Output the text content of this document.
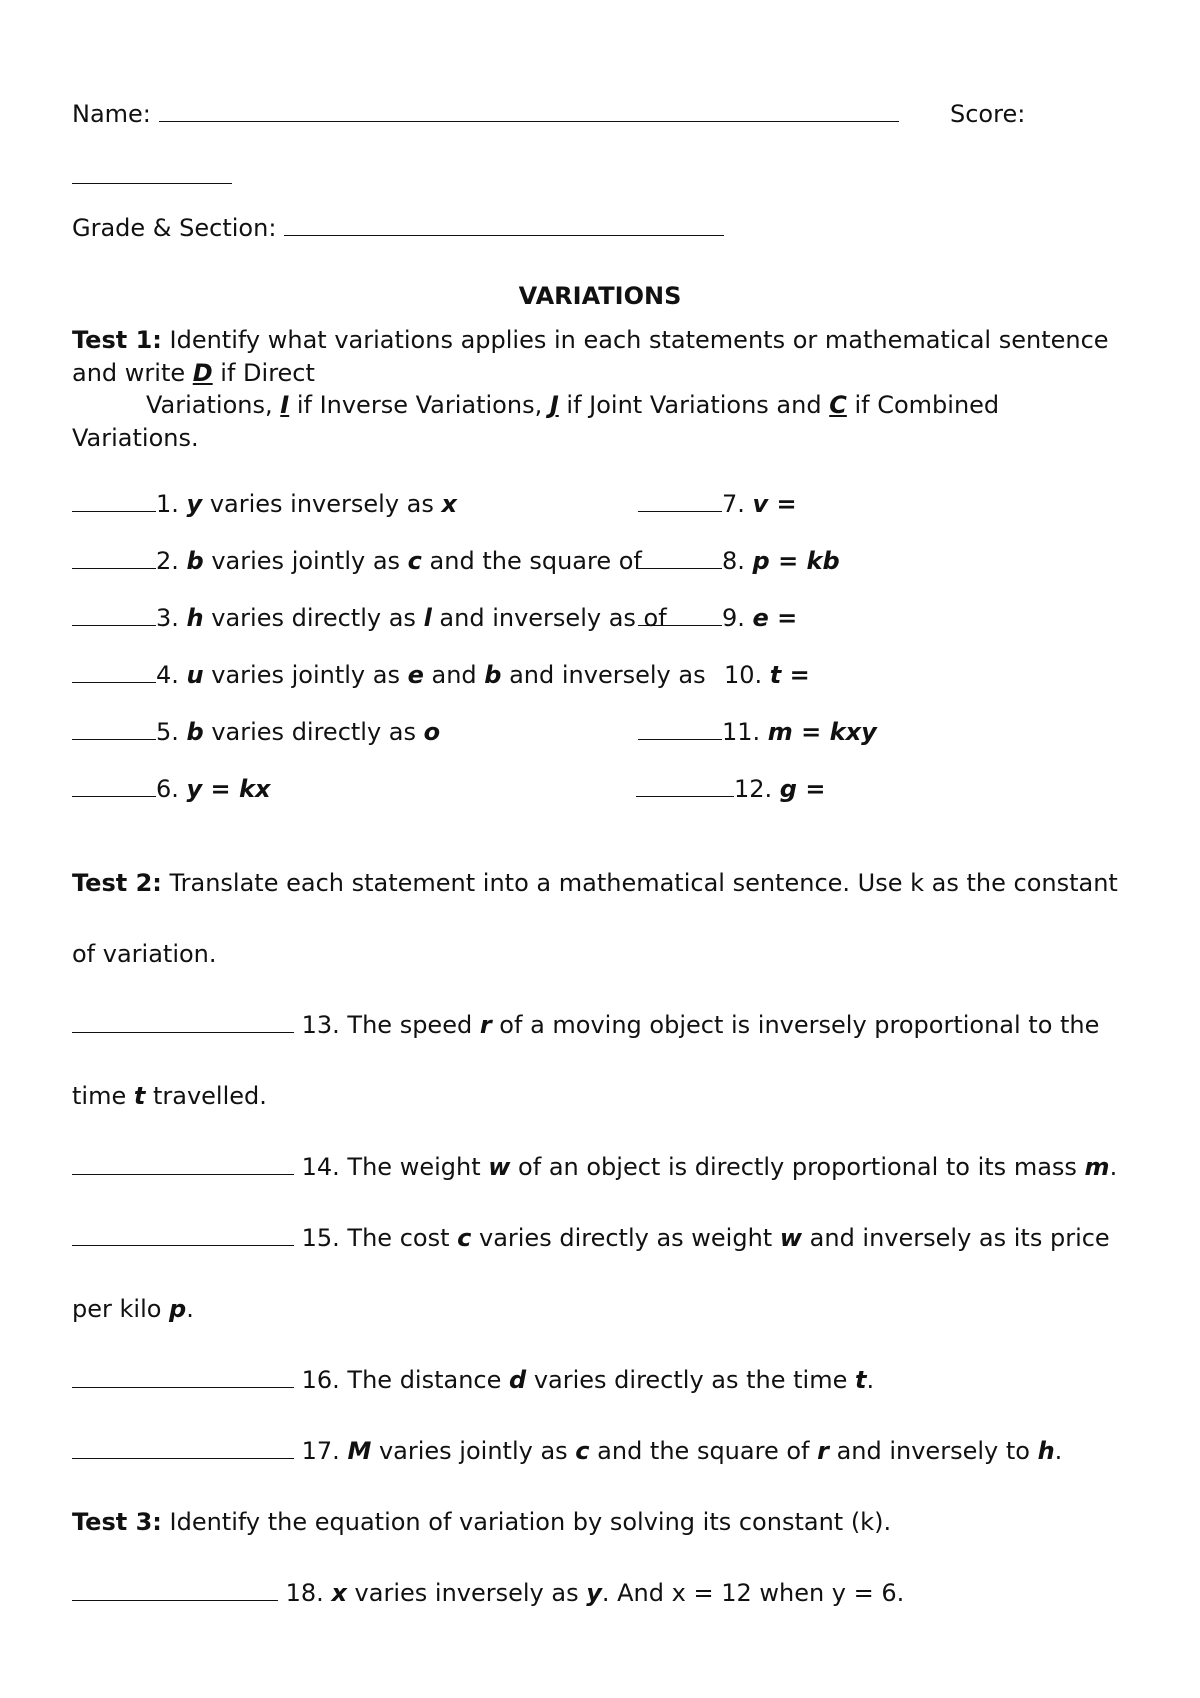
Name:	Score:
Grade & Section:
VARIATIONS
Test 1: Identify what variations applies in each statements or mathematical sentence
and write D if Direct
Variations, I if Inverse Variations, J if Joint Variations and C if Combined
Variations.
1. y varies inversely as x
2. b varies jointly as c and the square of
3. h varies directly as l and inversely as of
4. u varies jointly as e and b and inversely as
5. b varies directly as o
6. y = kx
7. v =
8. p = kb
9. e =
10. t =
11. m = kxy
12. g =
Test 2: Translate each statement into a mathematical sentence. Use k as the constant
of variation.
13. The speed r of a moving object is inversely proportional to the
time t travelled.
14. The weight w of an object is directly proportional to its mass m.
15. The cost c varies directly as weight w and inversely as its price
per kilo p.
16. The distance d varies directly as the time t.
17. M varies jointly as c and the square of r and inversely to h.
Test 3: Identify the equation of variation by solving its constant (k).
18. x varies inversely as y. And x = 12 when y = 6.
